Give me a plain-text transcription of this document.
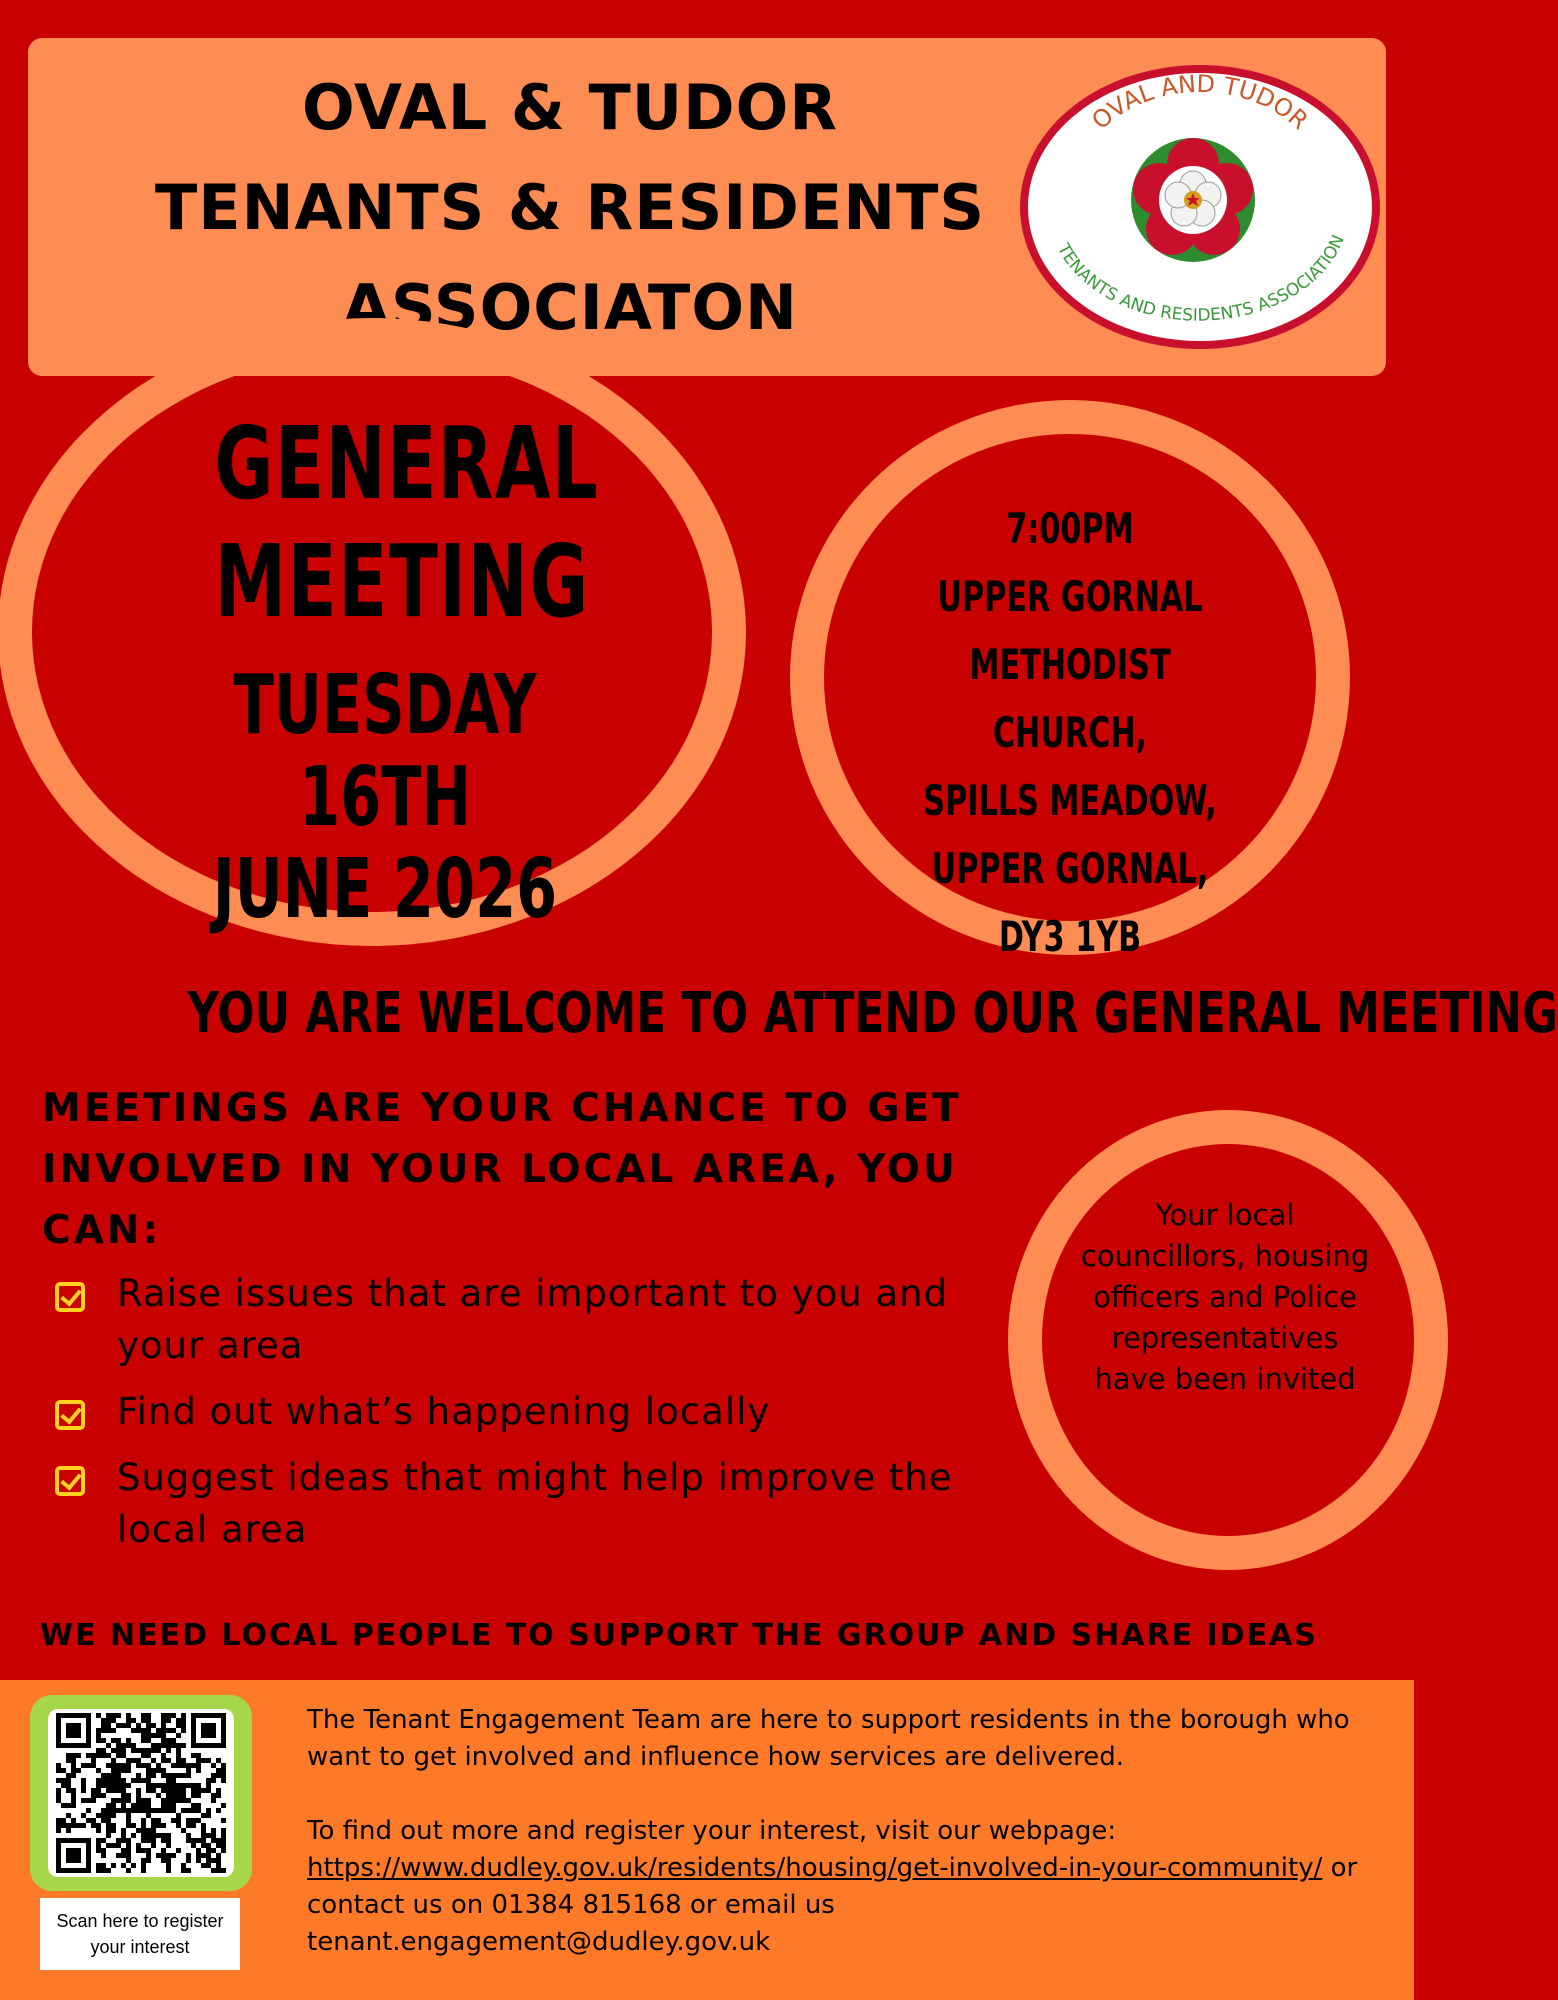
OVAL & TUDOR
TENANTS & RESIDENTS
ASSOCIATON
OVAL AND TUDOR
TENANTS AND RESIDENTS ASSOCIATION
GENERAL
MEETING
TUESDAY 16TH
JUNE 2026
7:00PM
UPPER GORNAL
METHODIST CHURCH,
SPILLS MEADOW,
UPPER GORNAL,
DY3 1YB
YOU ARE WELCOME TO ATTEND OUR GENERAL MEETING
MEETINGS ARE YOUR CHANCE TO GET INVOLVED IN YOUR LOCAL AREA, YOU CAN:
Raise issues that are important to you and your area
Find out what’s happening locally
Suggest ideas that might help improve the local area
Your local councillors, housing officers and Police representatives have been invited
WE NEED LOCAL PEOPLE TO SUPPORT THE GROUP AND SHARE IDEAS
Scan here to register your interest

The Tenant Engagement Team are here to support residents in the borough who want to get involved and influence how services are delivered.

To find out more and register your interest, visit our webpage:

https://www.dudley.gov.uk/residents/housing/get-involved-in-your-community/ or contact us on 01384 815168 or email us

tenant.engagement@dudley.gov.uk
